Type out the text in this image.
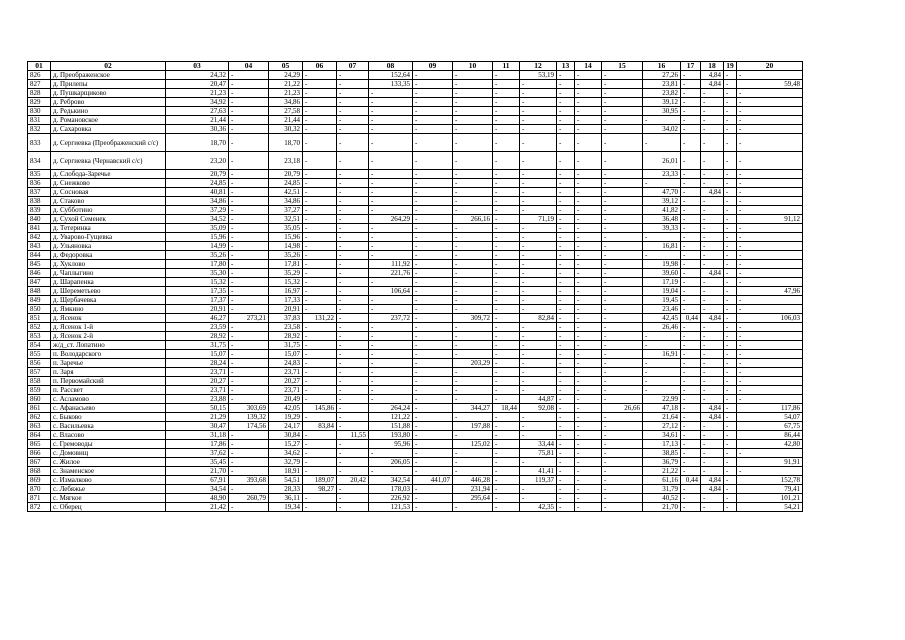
01	02	03	04	05	06	07	08	09	10	11	12	13	14	15	16	17	18	19	20
826	д. Преображенское	24,32	-	24,29	-	-	152,64	-	-	-	53,19	-	-	-	27,26	-	4,84	-	-
827	д. Прилепы	20,47	-	21,22	-	-	133,35	-	-	-	-	-	-	-	23,81	-	4,84	-	59,48
828	д. Пушкарщиково	21,23	-	21,23	-	-	-	-	-	-	-	-	-	-	23,82	-	-	-	-
829	д. Реброво	34,92	-	34,86	-	-	-	-	-	-	-	-	-	-	39,12	-	-	-	-
830	д. Редькино	27,63	-	27,58	-	-	-	-	-	-	-	-	-	-	30,95	-	-	-	-
831	д. Романовское	21,44	-	21,44	-	-	-	-	-	-	-	-	-	-	-	-	-	-	-
832	д. Сахаровка	30,36	-	30,32	-	-	-	-	-	-	-	-	-	-	34,02	-	-	-	-
833	д. Сергиевка (Преображенский с/с)	18,70	-	18,70	-	-	-	-	-	-	-	-	-	-	-	-	-	-	-
834	д. Сергиевка (Чернавский с/с)	23,20	-	23,18	-	-	-	-	-	-	-	-	-	-	26,01	-	-	-	-
835	д. Слобода-Заречье	20,79	-	20,79	-	-	-	-	-	-	-	-	-	-	23,33	-	-	-	-
836	д. Снежково	24,85	-	24,85	-	-	-	-	-	-	-	-	-	-	-	-	-	-	-
837	д. Сосновая	40,81	-	42,51	-	-	-	-	-	-	-	-	-	-	47,70	-	4,84	-	-
838	д. Стаково	34,86	-	34,86	-	-	-	-	-	-	-	-	-	-	39,12	-	-	-	-
839	д. Субботино	37,29	-	37,27	-	-	-	-	-	-	-	-	-	-	41,82	-	-	-	-
840	д. Сухой Семенек	34,52	-	32,51	-	-	264,29	-	266,16	-	71,19	-	-	-	36,48	-	-	-	91,12
841	д. Тетеринка	35,09	-	35,05	-	-	-	-	-	-	-	-	-	-	39,33	-	-	-	-
842	д. Уварово-Гущевка	15,96	-	15,96	-	-	-	-	-	-	-	-	-	-	-	-	-	-	-
843	д. Ульяновка	14,99	-	14,98	-	-	-	-	-	-	-	-	-	-	16,81	-	-	-	-
844	д. Федоровка	35,26	-	35,26	-	-	-	-	-	-	-	-	-	-	-	-	-	-	-
845	д. Хуклово	17,80	-	17,81	-	-	111,92	-	-	-	-	-	-	-	19,98	-	-	-	-
846	д. Чаплыгино	35,30	-	35,29	-	-	221,76	-	-	-	-	-	-	-	39,60	-	4,84	-	-
847	д. Шарапенка	15,32	-	15,32	-	-	-	-	-	-	-	-	-	-	17,19	-	-	-	-
848	д. Шереметьево	17,35	-	16,97	-	-	106,64	-	-	-	-	-	-	-	19,04	-	-	-	47,96
849	д. Щербачевка	17,37	-	17,33	-	-	-	-	-	-	-	-	-	-	19,45	-	-	-	-
850	д. Ямкино	20,91	-	20,91	-	-	-	-	-	-	-	-	-	-	23,46	-	-	-	-
851	д. Ясенок	46,27	273,21	37,83	131,22	-	237,72	-	309,72	-	82,84	-	-	-	42,45	0,44	4,84	-	106,03
852	д. Ясенок 1-й	23,59	-	23,58	-	-	-	-	-	-	-	-	-	-	26,46	-	-	-	-
853	д. Ясенок 2-й	28,92	-	28,92	-	-	-	-	-	-	-	-	-	-	-	-	-	-	-
854	ж/д_ст. Лопатино	31,75	-	31,75	-	-	-	-	-	-	-	-	-	-	-	-	-	-	-
855	п. Володарского	15,07	-	15,07	-	-	-	-	-	-	-	-	-	-	16,91	-	-	-	-
856	п. Заречье	28,24	-	24,83	-	-	-	-	203,29	-	-	-	-	-	-	-	-	-	-
857	п. Заря	23,71	-	23,71	-	-	-	-	-	-	-	-	-	-	-	-	-	-	-
858	п. Первомайский	20,27	-	20,27	-	-	-	-	-	-	-	-	-	-	-	-	-	-	-
859	п. Рассвет	23,71	-	23,71	-	-	-	-	-	-	-	-	-	-	-	-	-	-	-
860	с. Асламово	23,88	-	20,49	-	-	-	-	-	-	44,87	-	-	-	22,99	-	-	-	-
861	с. Афанасьево	50,15	303,69	42,05	145,86	-	264,24	-	344,27	18,44	92,08	-	-	26,66	47,18	-	4,84	-	117,86
862	с. Быково	21,29	139,32	19,29	-	-	121,22	-	-	-	-	-	-	-	21,64	-	4,84	-	54,07
863	с. Васильевка	30,47	174,56	24,17	83,84	-	151,88	-	197,88	-	-	-	-	-	27,12	-	-	-	67,75
864	с. Власово	31,18	-	30,84	-	11,55	193,80	-	-	-	-	-	-	-	34,61	-	-	-	86,44
865	с. Гремоводы	17,86	-	15,27	-	-	95,96	-	125,02	-	33,44	-	-	-	17,13	-	-	-	42,80
866	с. Домовищ	37,62	-	34,62	-	-	-	-	-	-	75,81	-	-	-	38,85	-	-	-	-
867	с. Жилое	35,45	-	32,79	-	-	206,05	-	-	-	-	-	-	-	36,79	-	-	-	91,91
868	с. Знаменское	21,70	-	18,91	-	-	-	-	-	-	41,41	-	-	-	21,22	-	-	-	-
869	с. Измалково	67,91	393,68	54,51	189,07	20,42	342,54	441,07	446,28	-	119,37	-	-	-	61,16	0,44	4,84	-	152,78
870	с. Лебяжье	34,54	-	28,33	98,27	-	178,03	-	231,94	-	-	-	-	-	31,79	-	4,84	-	79,41
871	с. Мягкое	48,90	260,79	36,11	-	-	226,92	-	295,64	-	-	-	-	-	40,52	-	-	-	101,21
872	с. Оберец	21,42	-	19,34	-	-	121,53	-	-	-	42,35	-	-	-	21,70	-	-	-	54,21
